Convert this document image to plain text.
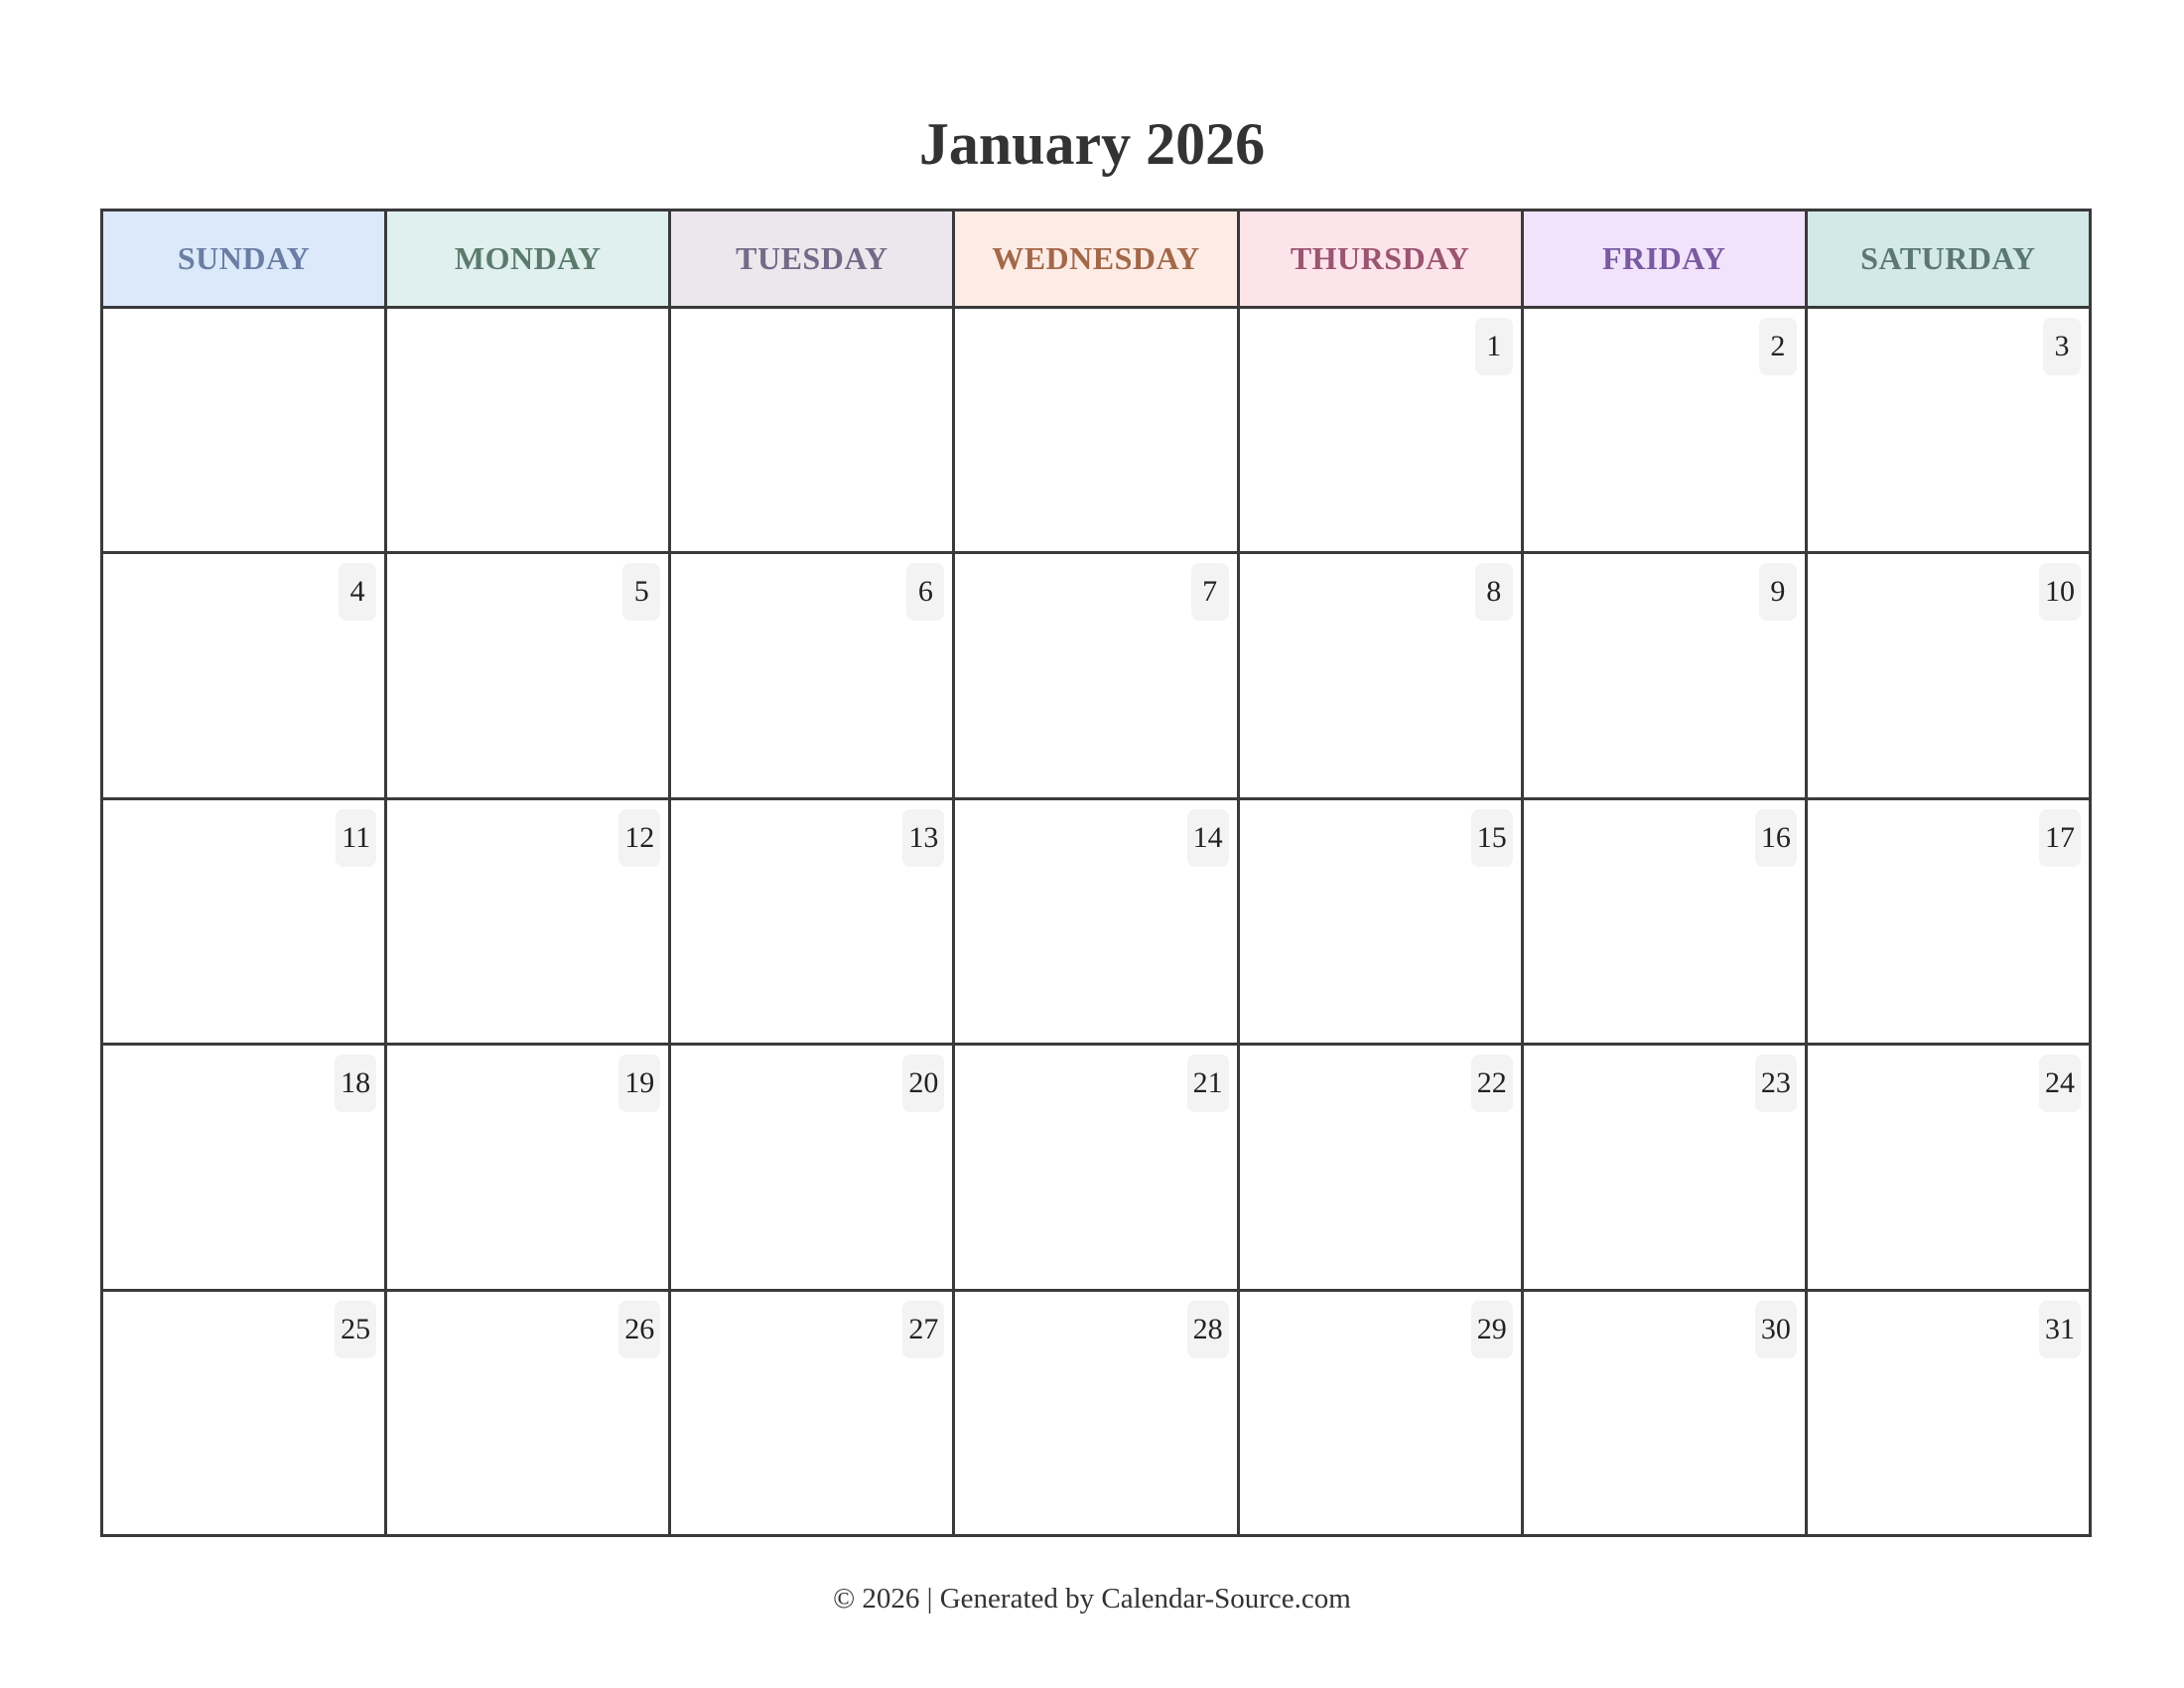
January 2026
SUNDAY	MONDAY	TUESDAY	WEDNESDAY	THURSDAY	FRIDAY	SATURDAY
				1	2	3
4	5	6	7	8	9	10
11	12	13	14	15	16	17
18	19	20	21	22	23	24
25	26	27	28	29	30	31
© 2026 | Generated by Calendar-Source.com
